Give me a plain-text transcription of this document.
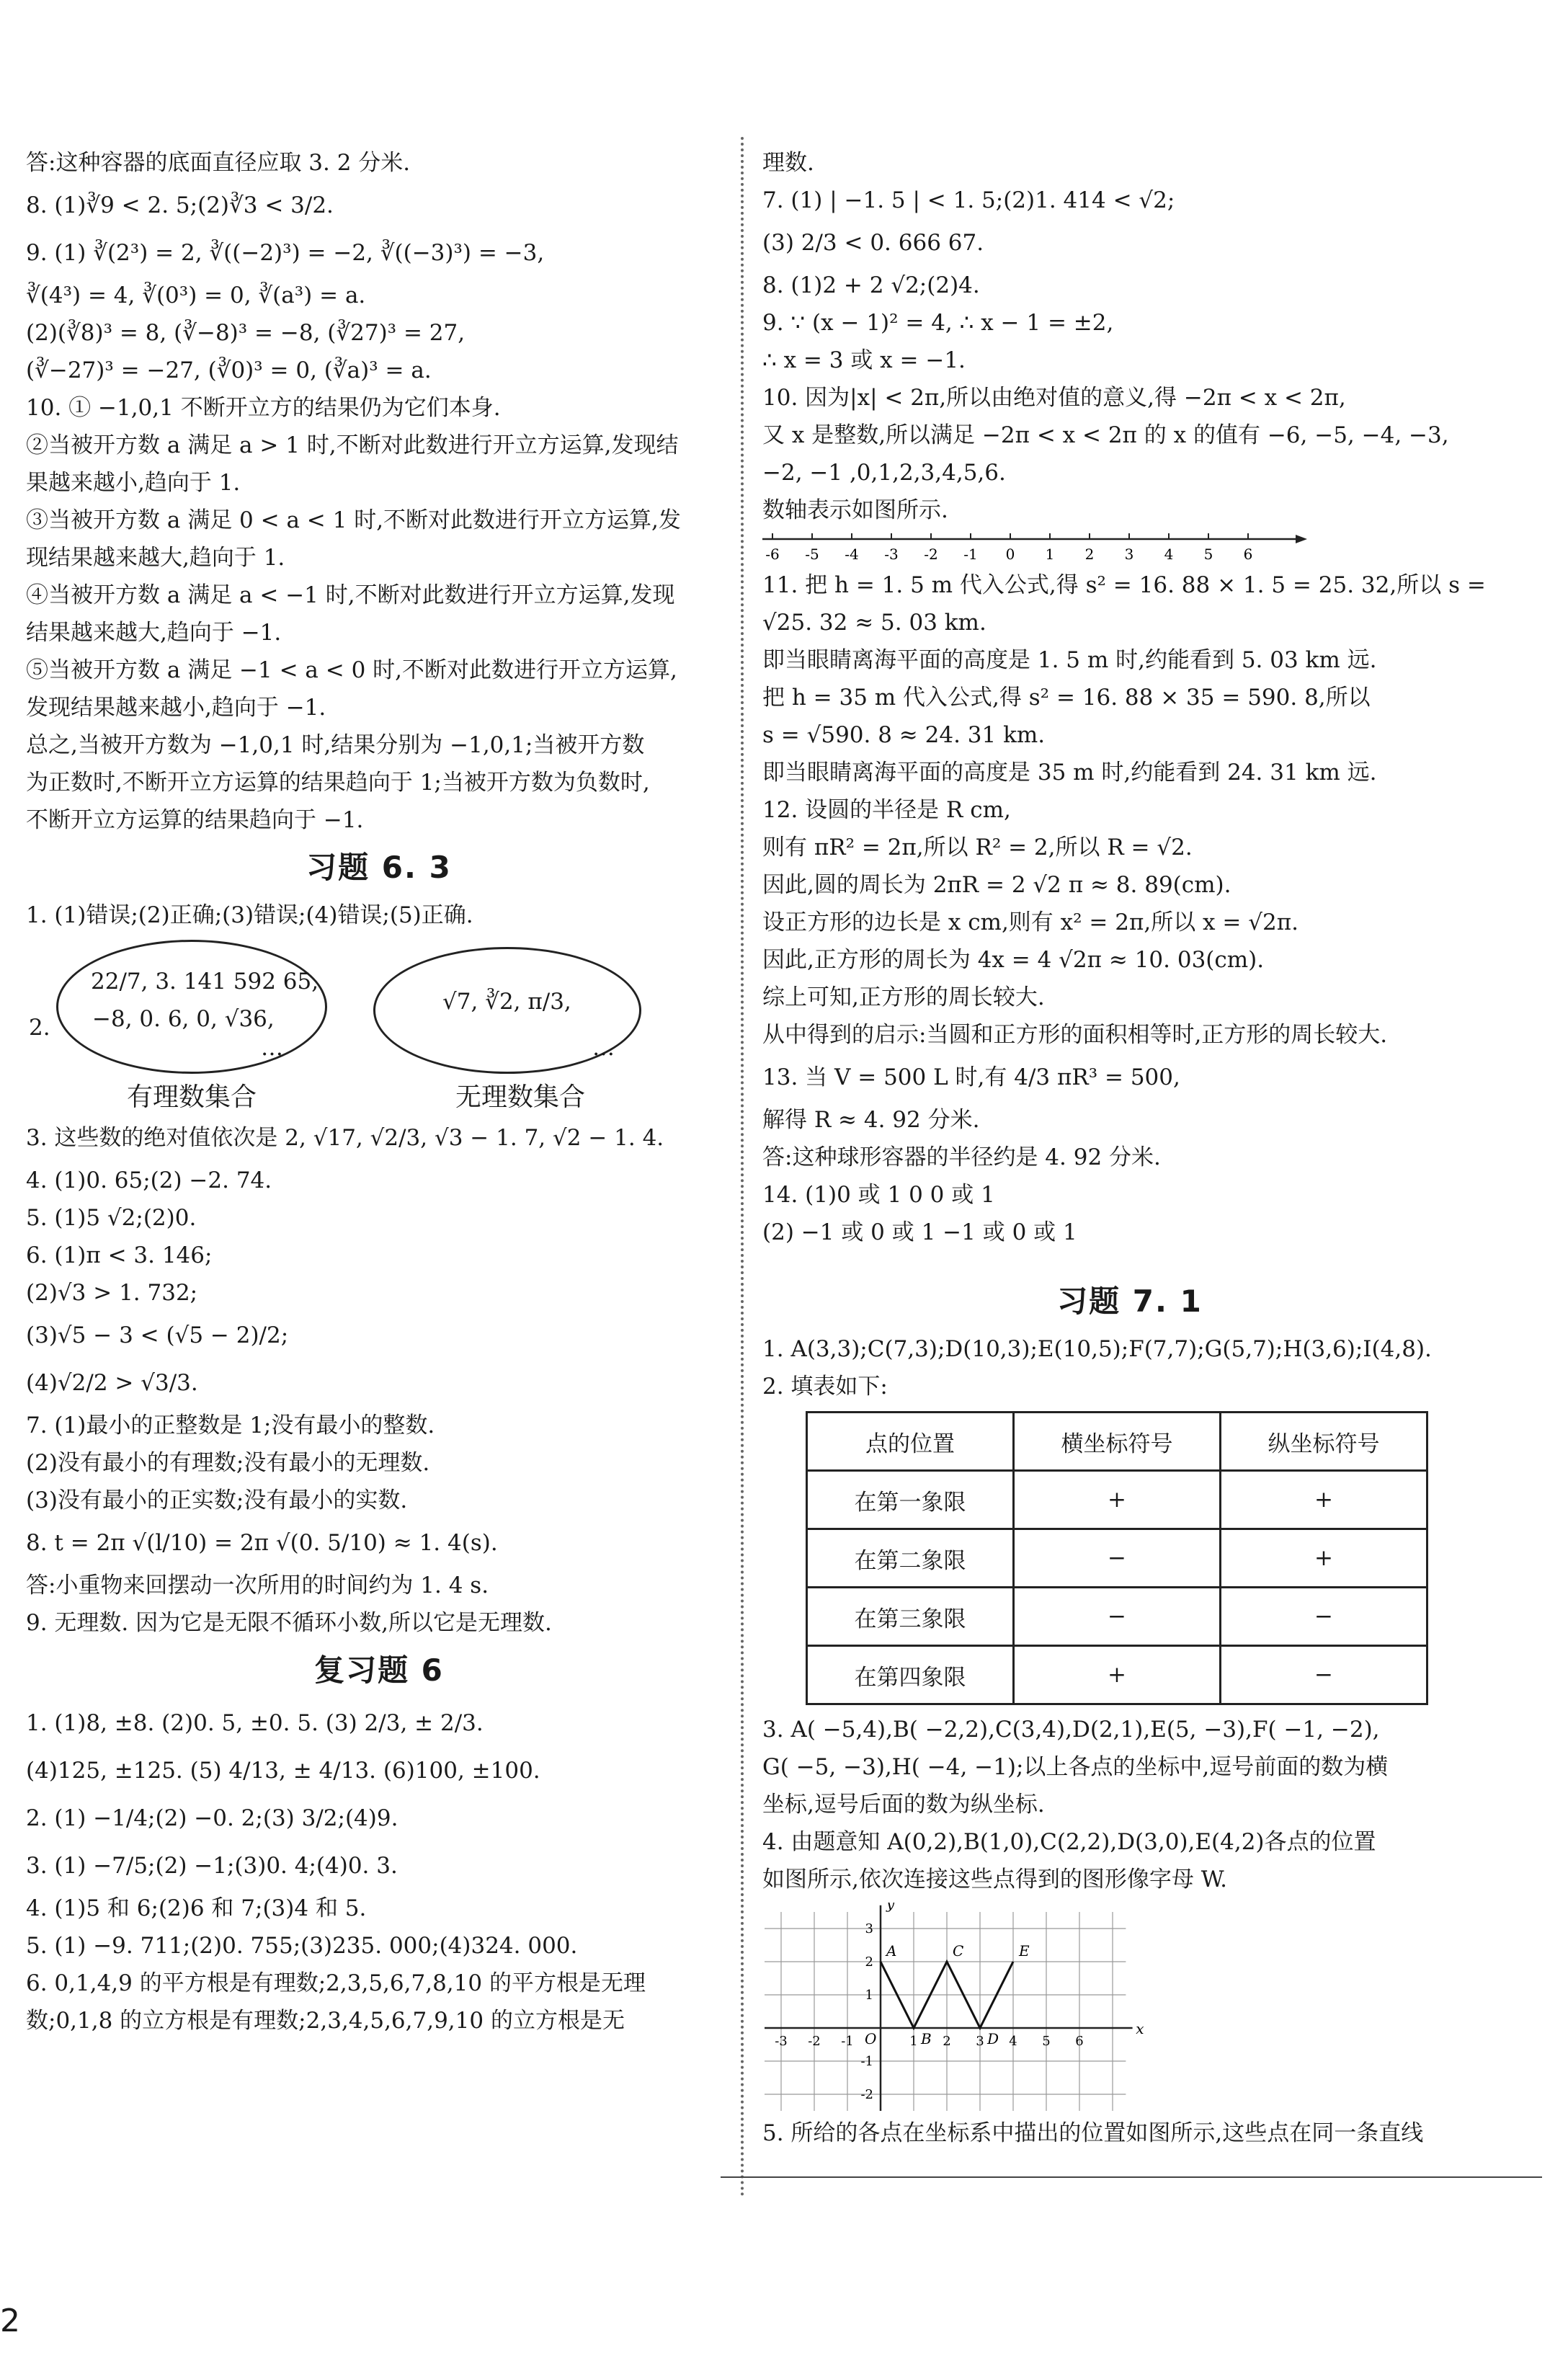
答:这种容器的底面直径应取 3. 2 分米.
8. (1)∛9 < 2. 5;(2)∛3 < 3/2.
9. (1) ∛(2³) = 2, ∛((−2)³) = −2, ∛((−3)³) = −3,
∛(4³) = 4, ∛(0³) = 0, ∛(a³) = a.
(2)(∛8)³ = 8, (∛−8)³ = −8, (∛27)³ = 27,
(∛−27)³ = −27, (∛0)³ = 0, (∛a)³ = a.
10. ① −1,0,1 不断开立方的结果仍为它们本身.
②当被开方数 a 满足 a > 1 时,不断对此数进行开立方运算,发现结
果越来越小,趋向于 1.
③当被开方数 a 满足 0 < a < 1 时,不断对此数进行开立方运算,发
现结果越来越大,趋向于 1.
④当被开方数 a 满足 a < −1 时,不断对此数进行开立方运算,发现
结果越来越大,趋向于 −1.
⑤当被开方数 a 满足 −1 < a < 0 时,不断对此数进行开立方运算,
发现结果越来越小,趋向于 −1.
总之,当被开方数为 −1,0,1 时,结果分别为 −1,0,1;当被开方数
为正数时,不断开立方运算的结果趋向于 1;当被开方数为负数时,
不断开立方运算的结果趋向于 −1.
习题 6. 3
1. (1)错误;(2)正确;(3)错误;(4)错误;(5)正确.
2.
22/7, 3. 141 592 65,
−8, 0. 6, 0, √36,
…
√7, ∛2, π/3,
…
有理数集合	无理数集合
3. 这些数的绝对值依次是 2, √17, √2/3, √3 − 1. 7, √2 − 1. 4.
4. (1)0. 65;(2) −2. 74.
5. (1)5 √2;(2)0.
6. (1)π < 3. 146;
(2)√3 > 1. 732;
(3)√5 − 3 < (√5 − 2)/2;
(4)√2/2 > √3/3.
7. (1)最小的正整数是 1;没有最小的整数.
(2)没有最小的有理数;没有最小的无理数.
(3)没有最小的正实数;没有最小的实数.
8. t = 2π √(l/10) = 2π √(0. 5/10) ≈ 1. 4(s).
答:小重物来回摆动一次所用的时间约为 1. 4 s.
9. 无理数. 因为它是无限不循环小数,所以它是无理数.
复习题 6
1. (1)8, ±8. (2)0. 5, ±0. 5. (3) 2/3, ± 2/3.
(4)125, ±125. (5) 4/13, ± 4/13. (6)100, ±100.
2. (1) −1/4;(2) −0. 2;(3) 3/2;(4)9.
3. (1) −7/5;(2) −1;(3)0. 4;(4)0. 3.
4. (1)5 和 6;(2)6 和 7;(3)4 和 5.
5. (1) −9. 711;(2)0. 755;(3)235. 000;(4)324. 000.
6. 0,1,4,9 的平方根是有理数;2,3,5,6,7,8,10 的平方根是无理
数;0,1,8 的立方根是有理数;2,3,4,5,6,7,9,10 的立方根是无
理数.
7. (1) | −1. 5 | < 1. 5;(2)1. 414 < √2;
(3) 2/3 < 0. 666 67.
8. (1)2 + 2 √2;(2)4.
9. ∵ (x − 1)² = 4, ∴ x − 1 = ±2,
∴ x = 3 或 x = −1.
10. 因为|x| < 2π,所以由绝对值的意义,得 −2π < x < 2π,
又 x 是整数,所以满足 −2π < x < 2π 的 x 的值有 −6, −5, −4, −3,
−2, −1 ,0,1,2,3,4,5,6.
数轴表示如图所示.
-6 -5 -4 -3 -2 -1 0 1 2 3 4 5 6
11. 把 h = 1. 5 m 代入公式,得 s² = 16. 88 × 1. 5 = 25. 32,所以 s =
√25. 32 ≈ 5. 03 km.
即当眼睛离海平面的高度是 1. 5 m 时,约能看到 5. 03 km 远.
把 h = 35 m 代入公式,得 s² = 16. 88 × 35 = 590. 8,所以
s = √590. 8 ≈ 24. 31 km.
即当眼睛离海平面的高度是 35 m 时,约能看到 24. 31 km 远.
12. 设圆的半径是 R cm,
则有 πR² = 2π,所以 R² = 2,所以 R = √2.
因此,圆的周长为 2πR = 2 √2 π ≈ 8. 89(cm).
设正方形的边长是 x cm,则有 x² = 2π,所以 x = √2π.
因此,正方形的周长为 4x = 4 √2π ≈ 10. 03(cm).
综上可知,正方形的周长较大.
从中得到的启示:当圆和正方形的面积相等时,正方形的周长较大.
13. 当 V = 500 L 时,有 4/3 πR³ = 500,
解得 R ≈ 4. 92 分米.
答:这种球形容器的半径约是 4. 92 分米.
14. (1)0 或 1 0 0 或 1
(2) −1 或 0 或 1 −1 或 0 或 1
习题 7. 1
1. A(3,3);C(7,3);D(10,3);E(10,5);F(7,7);G(5,7);H(3,6);I(4,8).
2. 填表如下:
点的位置	横坐标符号	纵坐标符号
在第一象限	+	+
在第二象限	−	+
在第三象限	−	−
在第四象限	+	−
3. A( −5,4),B( −2,2),C(3,4),D(2,1),E(5, −3),F( −1, −2),
G( −5, −3),H( −4, −1);以上各点的坐标中,逗号前面的数为横
坐标,逗号后面的数为纵坐标.
4. 由题意知 A(0,2),B(1,0),C(2,2),D(3,0),E(4,2)各点的位置
如图所示,依次连接这些点得到的图形像字母 W.
x
y
O
-3 -2 -1	1 2 3 4 5 6
3
2
1
-1
-2
A
B
C
D
E
5. 所给的各点在坐标系中描出的位置如图所示,这些点在同一条直线
2
